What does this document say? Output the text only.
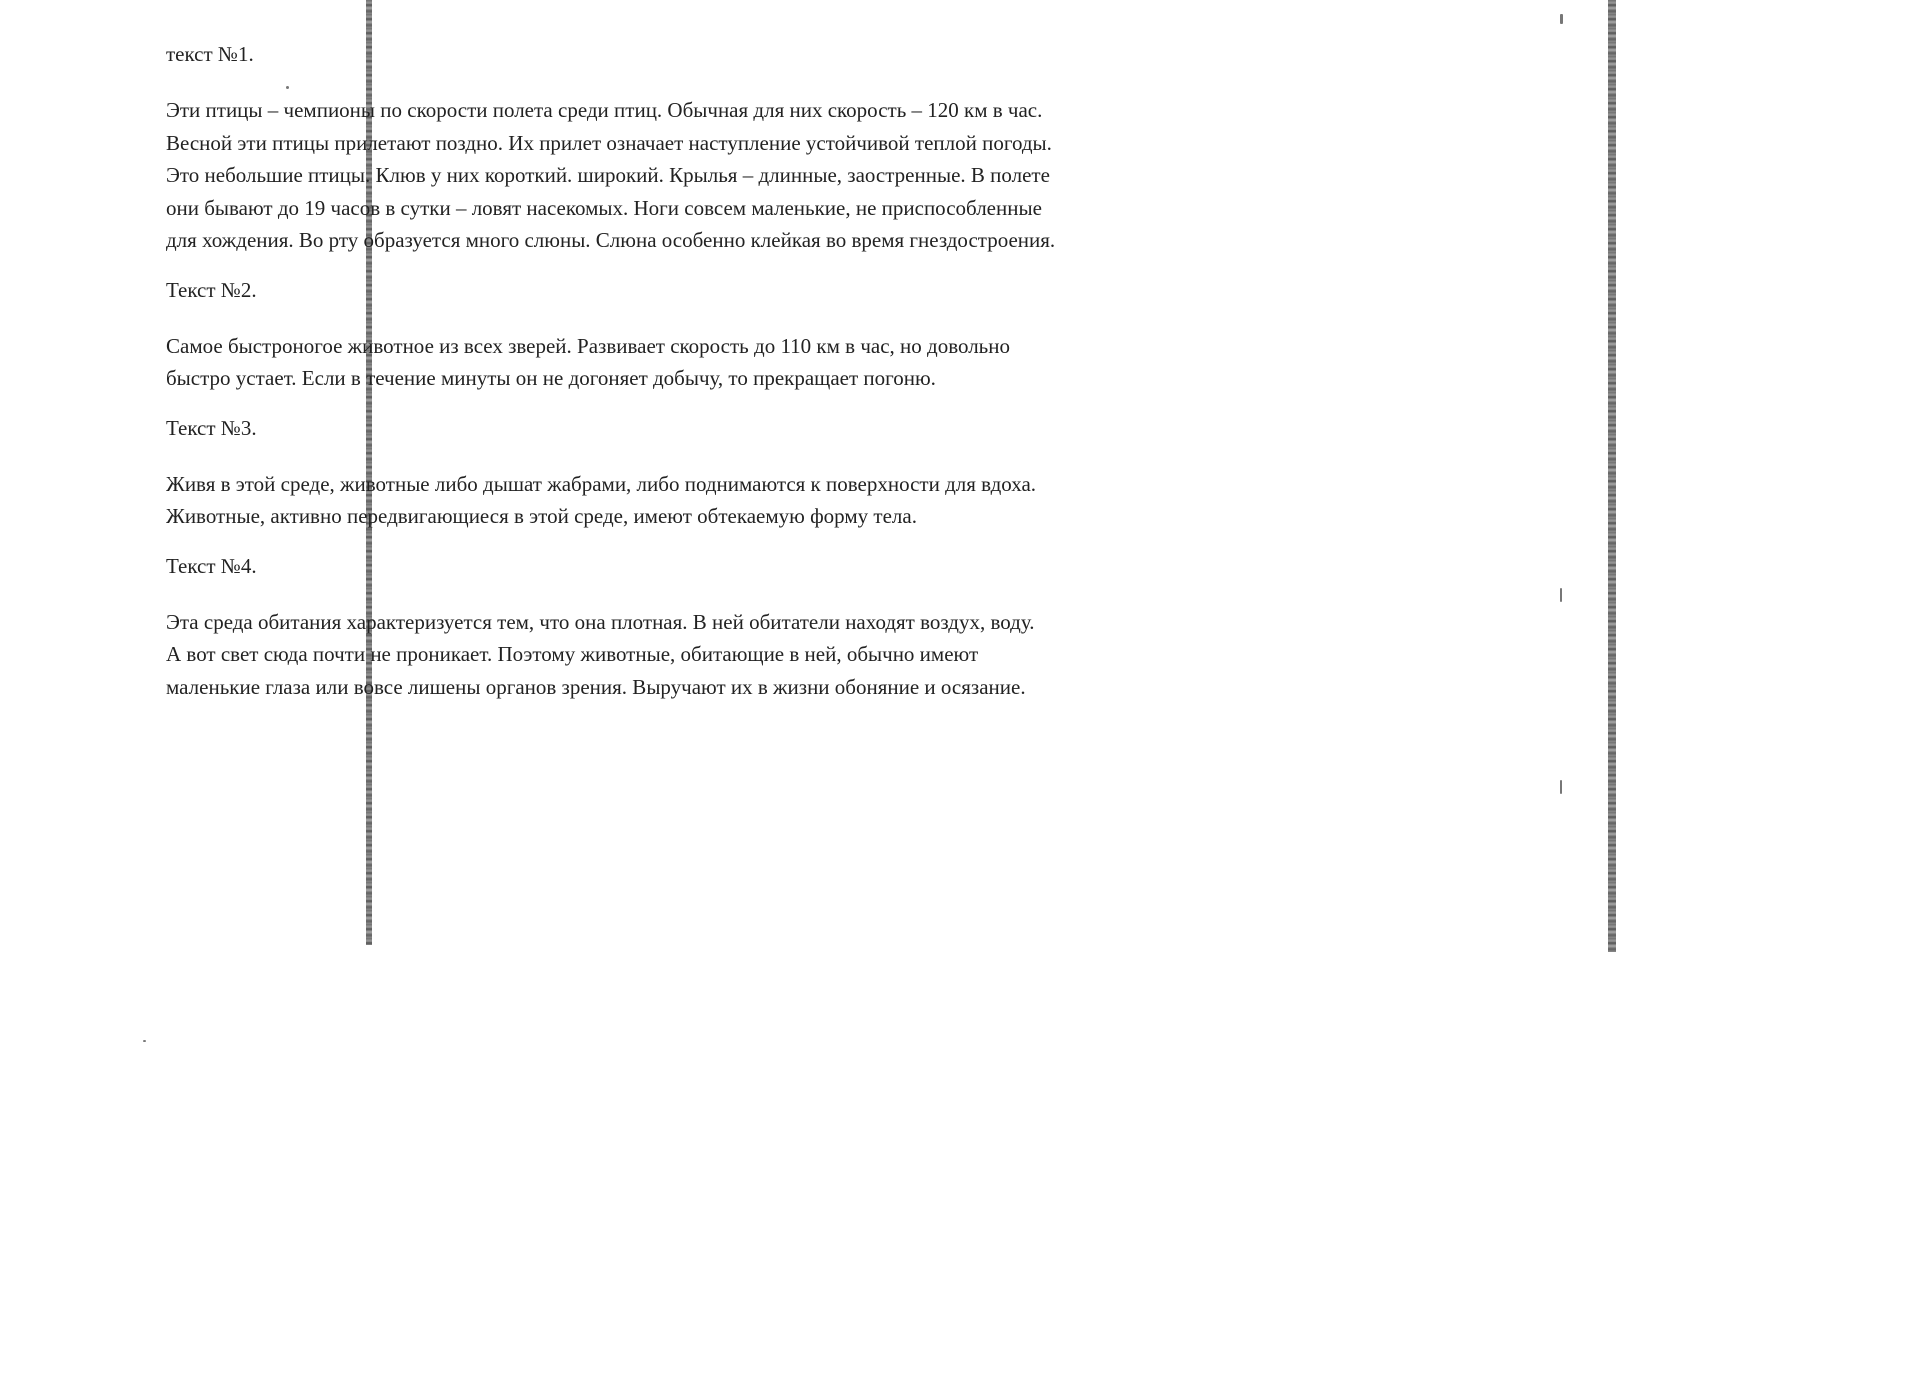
текст №1.

Эти птицы – чемпионы по скорости полета среди птиц. Обычная для них скорость – 120 км в час.

Весной эти птицы прилетают поздно. Их прилет означает наступление устойчивой теплой погоды.

Это небольшие птицы. Клюв у них короткий. широкий. Крылья – длинные, заостренные. В полете

они бывают до 19 часов в сутки – ловят насекомых. Ноги совсем маленькие, не приспособленные

для хождения. Во рту образуется много слюны. Слюна особенно клейкая во время гнездостроения.

Текст №2.

Самое быстроногое животное из всех зверей. Развивает скорость до 110 км в час, но довольно

быстро устает. Если в течение минуты он не догоняет добычу, то прекращает погоню.

Текст №3.

Живя в этой среде, животные либо дышат жабрами, либо поднимаются к поверхности для вдоха.

Животные, активно передвигающиеся в этой среде, имеют обтекаемую форму тела.

Текст №4.

Эта среда обитания характеризуется тем, что она плотная. В ней обитатели находят воздух, воду.

А вот свет сюда почти не проникает. Поэтому животные, обитающие в ней, обычно имеют

маленькие глаза или вовсе лишены органов зрения. Выручают их в жизни обоняние и осязание.
